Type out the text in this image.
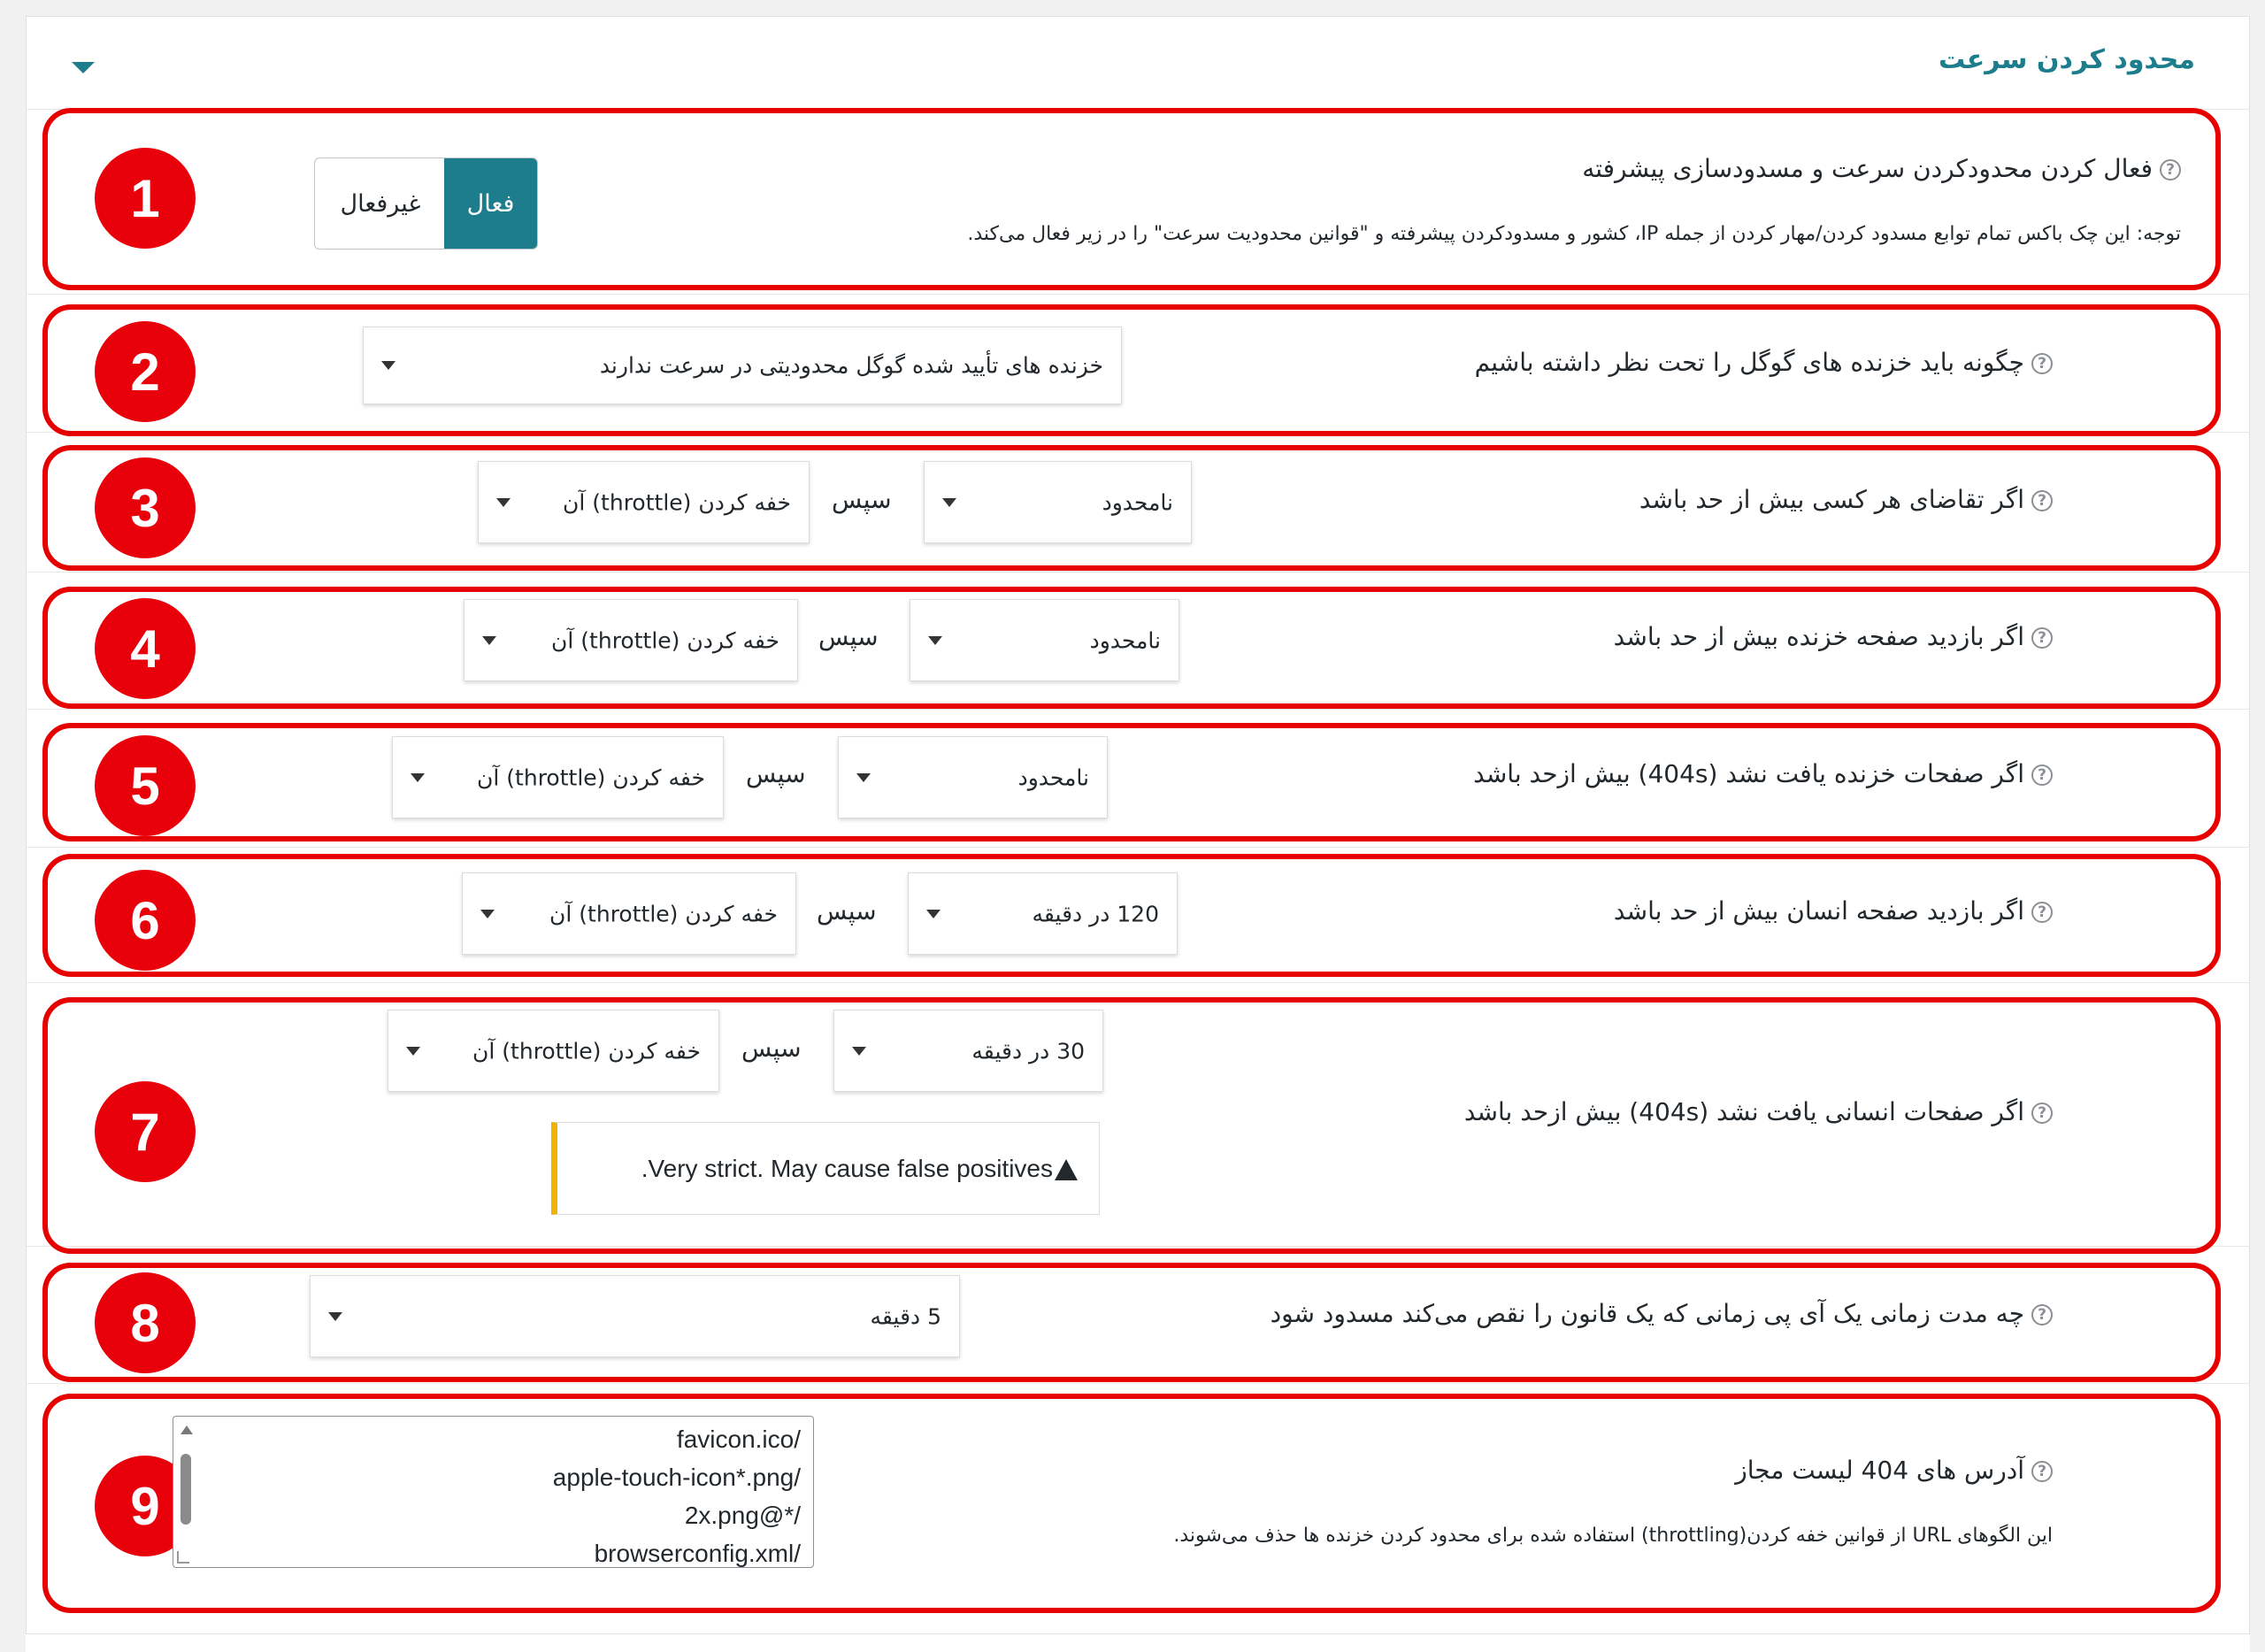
محدود کردن سرعت
1	?فعال کردن محدودکردن سرعت و مسدودسازی پیشرفته
توجه: این چک باکس تمام توابع مسدود کردن/مهار کردن از جمله IP، کشور و مسدودکردن پیشرفته و "قوانین محدودیت سرعت" را در زیر فعال می‌کند.
فعال
غیرفعال
2	?چگونه باید خزنده های گوگل را تحت نظر داشته باشیم
خزنده های تأیید شده گوگل محدودیتی در سرعت ندارند
3	?اگر تقاضای هر کسی بیش از حد باشد
نامحدود
سپس
خفه کردن (throttle) آن
4	?اگر بازدید صفحه خزنده بیش از حد باشد
نامحدود
سپس
خفه کردن (throttle) آن
5	?اگر صفحات خزنده یافت نشد (404s) بیش ازحد باشد
نامحدود
سپس
خفه کردن (throttle) آن
6	?اگر بازدید صفحه انسان بیش از حد باشد
120 در دقیقه
سپس
خفه کردن (throttle) آن
7	?اگر صفحات انسانی یافت نشد (404s) بیش ازحد باشد
30 در دقیقه
سپس
خفه کردن (throttle) آن
.Very strict. May cause false positives
8	?چه مدت زمانی یک آی پی زمانی که یک قانون را نقص می‌کند مسدود شود
5 دقیقه
9
?آدرس های 404 لیست مجاز
این الگوهای URL از قوانین خفه کردن(throttling) استفاده شده برای محدود کردن خزنده ها حذف می‌شوند.
favicon.ico/
apple-touch-icon*.png/
2x.png@*/
browserconfig.xml/
